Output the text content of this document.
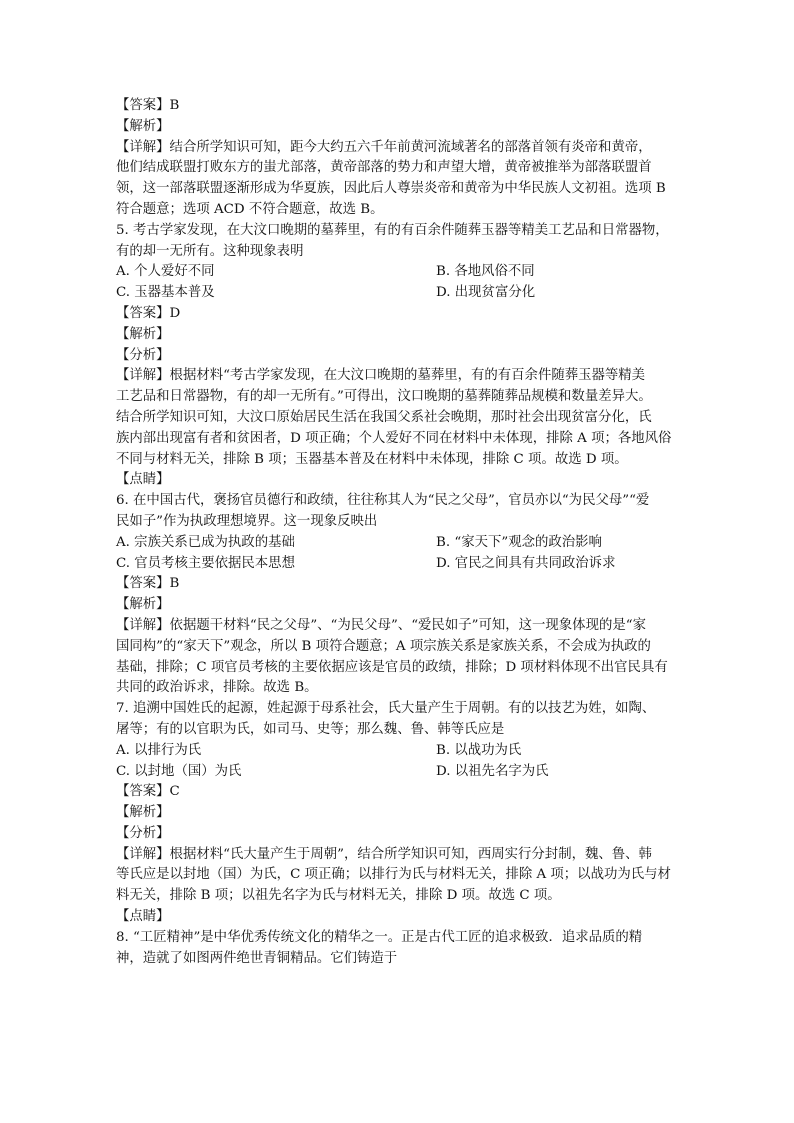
【答案】B
【解析】
【详解】结合所学知识可知，距今大约五六千年前黄河流域著名的部落首领有炎帝和黄帝，
他们结成联盟打败东方的蚩尤部落，黄帝部落的势力和声望大增，黄帝被推举为部落联盟首
领，这一部落联盟逐渐形成为华夏族，因此后人尊崇炎帝和黄帝为中华民族人文初祖。选项 B
符合题意；选项 ACD 不符合题意，故选 B。
5. 考古学家发现，在大汶口晚期的墓葬里，有的有百余件随葬玉器等精美工艺品和日常器物，
有的却一无所有。这种现象表明
A. 个人爱好不同	B. 各地风俗不同
C. 玉器基本普及	D. 出现贫富分化
【答案】D
【解析】
【分析】
【详解】根据材料“考古学家发现，在大汶口晚期的墓葬里，有的有百余件随葬玉器等精美
工艺品和日常器物，有的却一无所有。”可得出，汶口晚期的墓葬随葬品规模和数量差异大。
结合所学知识可知，大汶口原始居民生活在我国父系社会晚期，那时社会出现贫富分化，氏
族内部出现富有者和贫困者，D 项正确；个人爱好不同在材料中未体现，排除 A 项；各地风俗
不同与材料无关，排除 B 项；玉器基本普及在材料中未体现，排除 C 项。故选 D 项。
【点睛】
6. 在中国古代，褒扬官员德行和政绩，往往称其人为“民之父母”，官员亦以“为民父母”“爱
民如子”作为执政理想境界。这一现象反映出
A. 宗族关系已成为执政的基础	B. “家天下”观念的政治影响
C. 官员考核主要依据民本思想	D. 官民之间具有共同政治诉求
【答案】B
【解析】
【详解】依据题干材料“民之父母”、“为民父母”、“爱民如子”可知，这一现象体现的是“家
国同构”的“家天下”观念，所以 B 项符合题意；A 项宗族关系是家族关系，不会成为执政的
基础，排除；C 项官员考核的主要依据应该是官员的政绩，排除；D 项材料体现不出官民具有
共同的政治诉求，排除。故选 B。
7. 追溯中国姓氏的起源，姓起源于母系社会，氏大量产生于周朝。有的以技艺为姓，如陶、
屠等；有的以官职为氏，如司马、史等；那么魏、鲁、韩等氏应是
A. 以排行为氏	B. 以战功为氏
C. 以封地（国）为氏	D. 以祖先名字为氏
【答案】C
【解析】
【分析】
【详解】根据材料“氏大量产生于周朝”，结合所学知识可知，西周实行分封制，魏、鲁、韩
等氏应是以封地（国）为氏，C 项正确；以排行为氏与材料无关，排除 A 项；以战功为氏与材
料无关，排除 B 项；以祖先名字为氏与材料无关，排除 D 项。故选 C 项。
【点睛】
8. “工匠精神”是中华优秀传统文化的精华之一。正是古代工匠的追求极致．追求品质的精
神，造就了如图两件绝世青铜精品。它们铸造于
